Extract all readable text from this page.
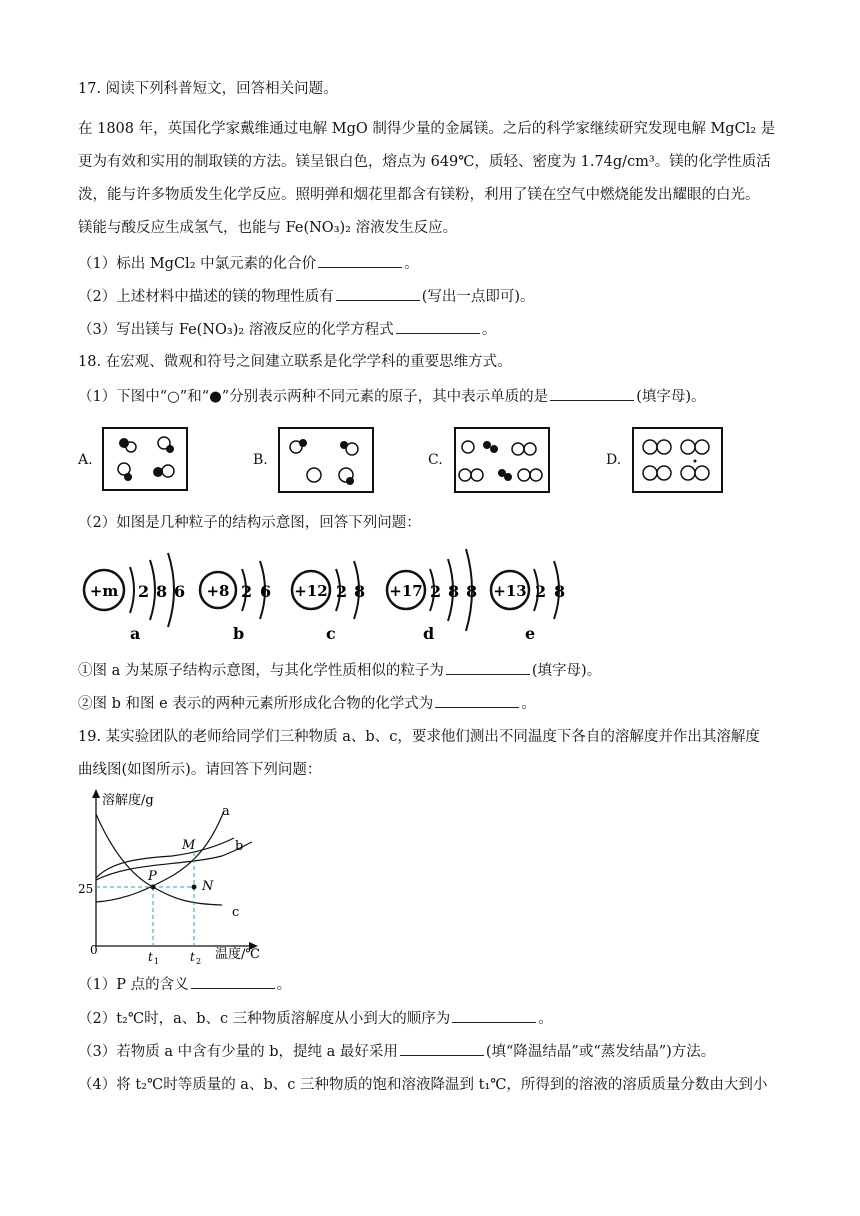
17. 阅读下列科普短文，回答相关问题。
在 1808 年，英国化学家戴维通过电解 MgO 制得少量的金属镁。之后的科学家继续研究发现电解 MgCl₂ 是
更为有效和实用的制取镁的方法。镁呈银白色，熔点为 649℃，质轻、密度为 1.74g/cm³。镁的化学性质活
泼，能与许多物质发生化学反应。照明弹和烟花里都含有镁粉，利用了镁在空气中燃烧能发出耀眼的白光。
镁能与酸反应生成氢气，也能与 Fe(NO₃)₂ 溶液发生反应。
（1）标出 MgCl₂ 中氯元素的化合价	。
（2）上述材料中描述的镁的物理性质有	(写出一点即可)。
（3）写出镁与 Fe(NO₃)₂ 溶液反应的化学方程式	。
18. 在宏观、微观和符号之间建立联系是化学学科的重要思维方式。
（1）下图中“○”和“●”分别表示两种不同元素的原子，其中表示单质的是	(填字母)。
A.	B.	C.	D.
（2）如图是几种粒子的结构示意图，回答下列问题：
+m 2 8 6
a
+8 2 6
b
+12 2 8
c
+17 2 8 8
d
+13 2 8
e
①图 a 为某原子结构示意图，与其化学性质相似的粒子为	(填字母)。
②图 b 和图 e 表示的两种元素所形成化合物的化学式为	。
19. 某实验团队的老师给同学们三种物质 a、b、c，要求他们测出不同温度下各自的溶解度并作出其溶解度
曲线图(如图所示)。请回答下列问题：
溶解度/g
温度/℃
0
25
P
N
M
a
b
c
t 1	t 2
（1）P 点的含义	。
（2）t₂℃时，a、b、c 三种物质溶解度从小到大的顺序为	。
（3）若物质 a 中含有少量的 b，提纯 a 最好采用	(填“降温结晶”或“蒸发结晶”)方法。
（4）将 t₂℃时等质量的 a、b、c 三种物质的饱和溶液降温到 t₁℃，所得到的溶液的溶质质量分数由大到小
